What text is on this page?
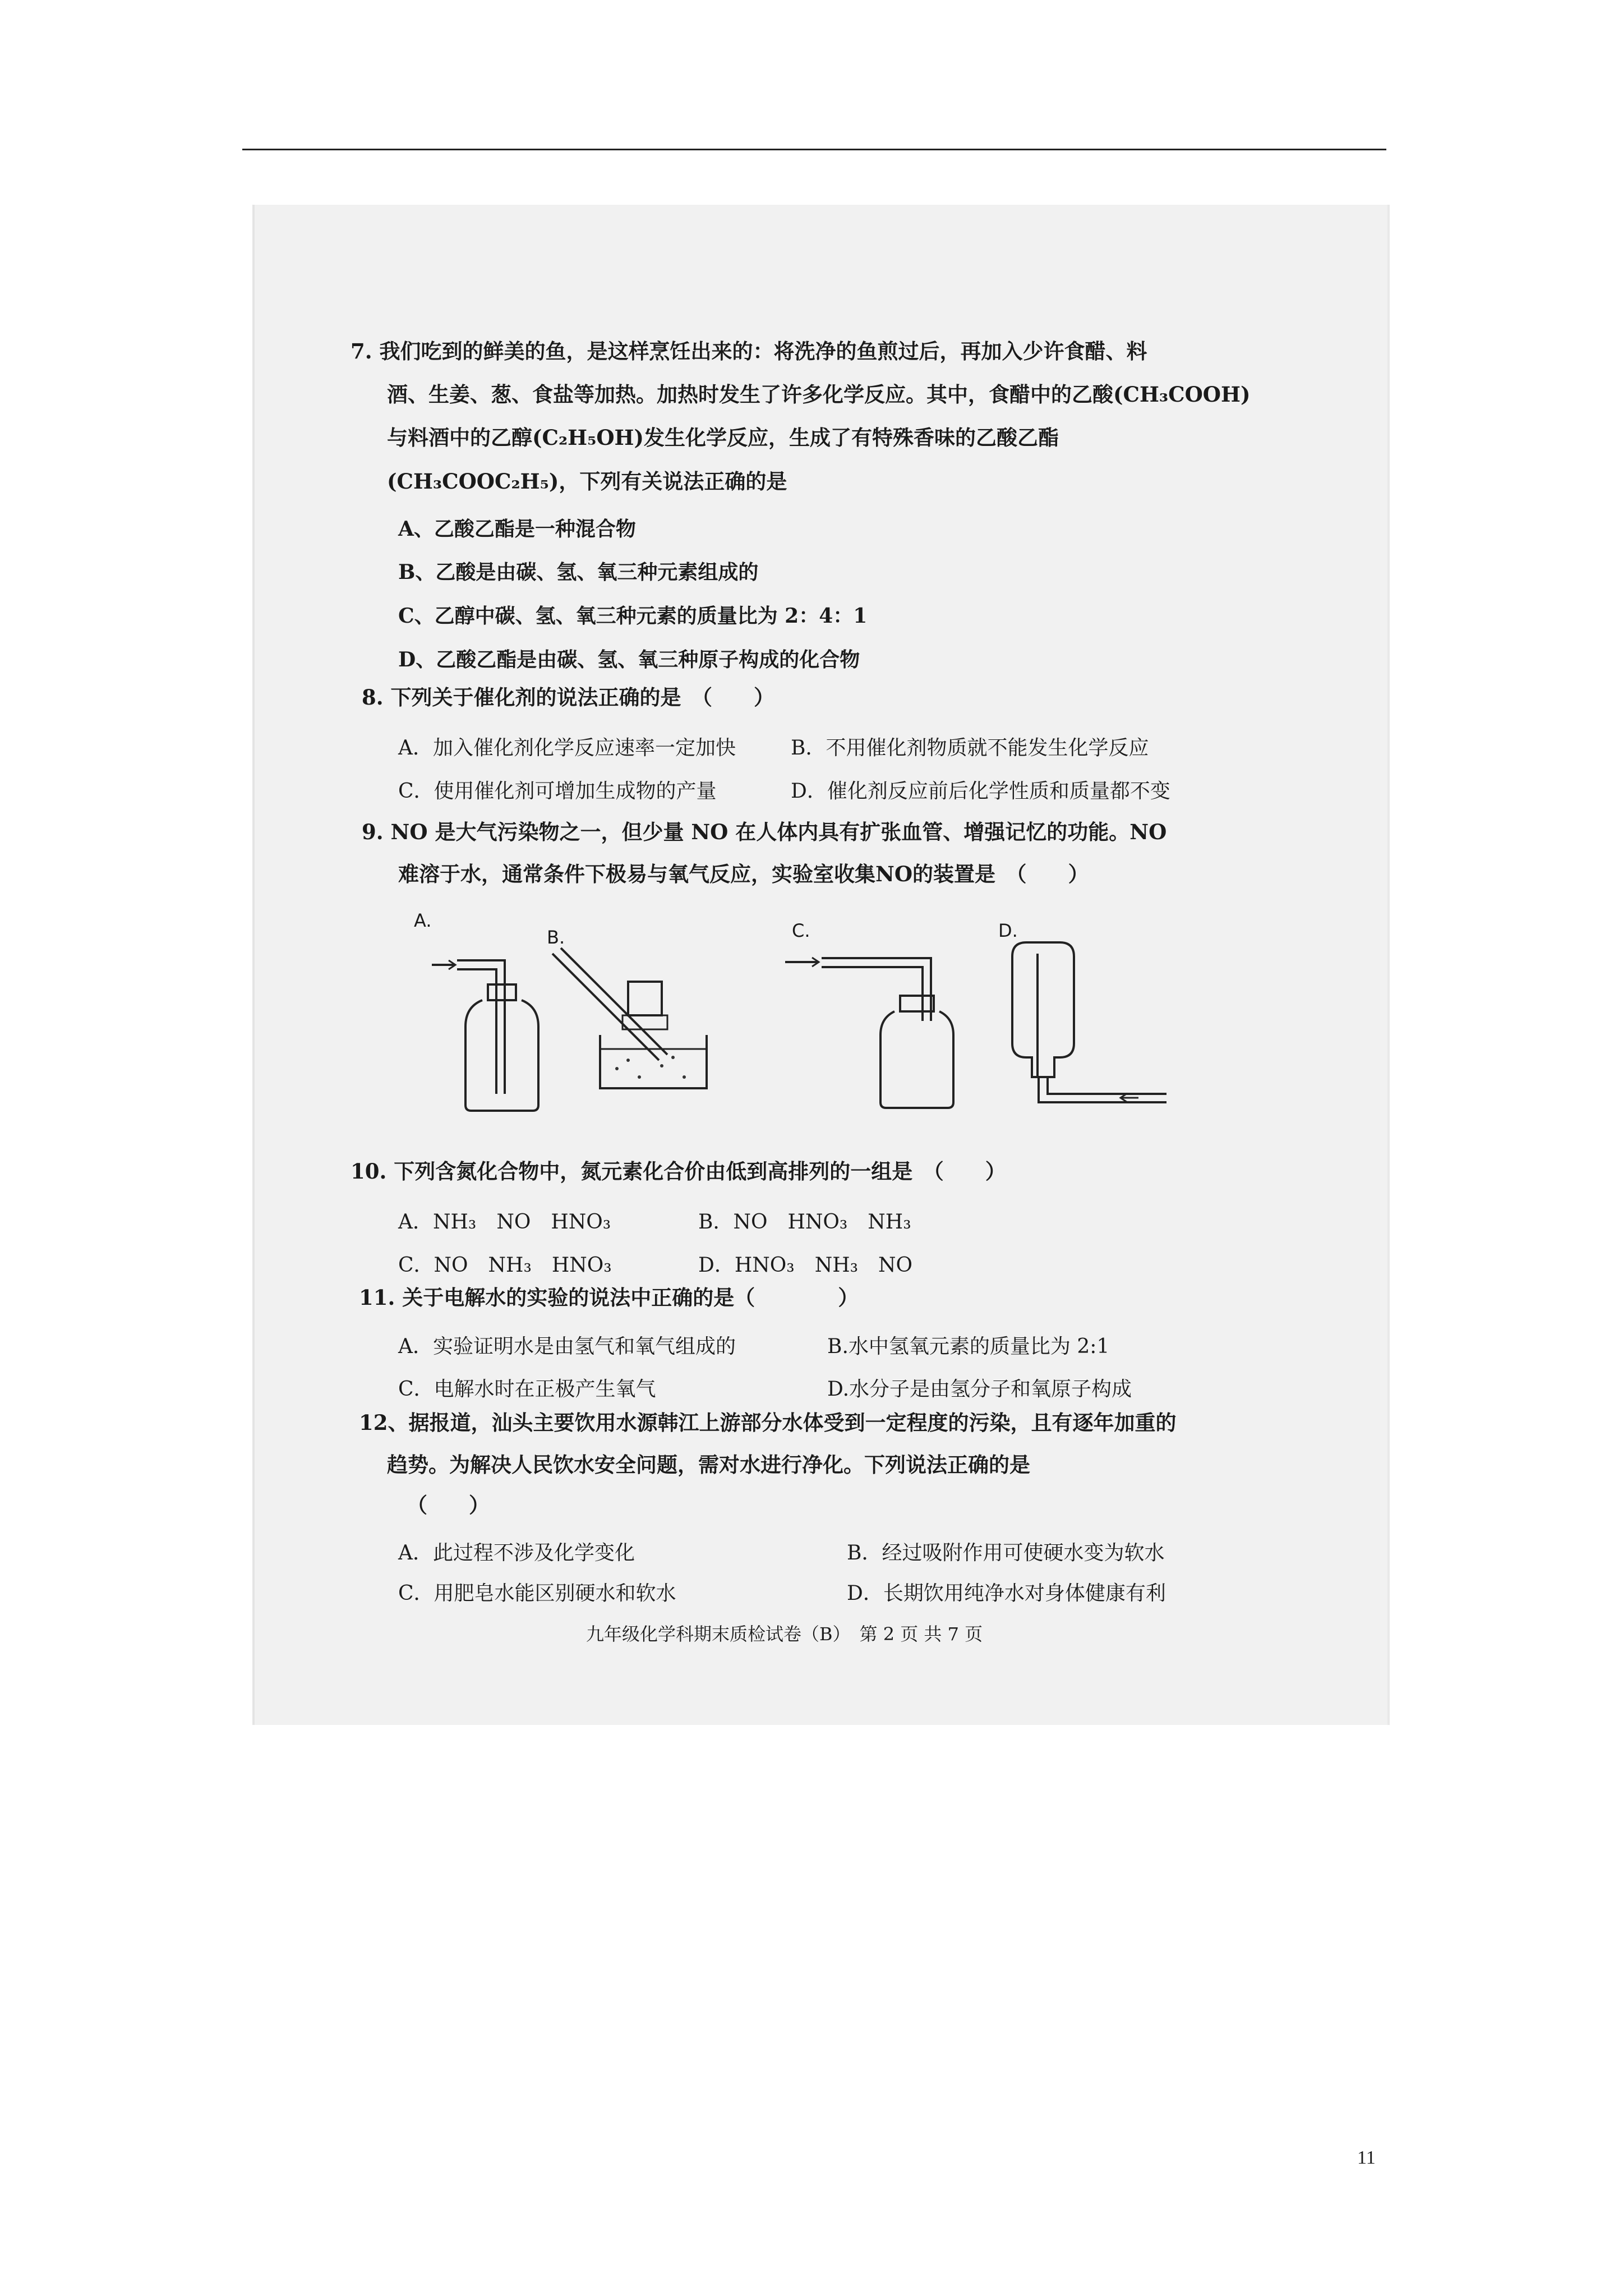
7. 我们吃到的鲜美的鱼，是这样烹饪出来的：将洗净的鱼煎过后，再加入少许食醋、料
酒、生姜、葱、食盐等加热。加热时发生了许多化学反应。其中，食醋中的乙酸(CH₃COOH)
与料酒中的乙醇(C₂H₅OH)发生化学反应，生成了有特殊香味的乙酸乙酯
(CH₃COOC₂H₅)，下列有关说法正确的是
A、乙酸乙酯是一种混合物
B、乙酸是由碳、氢、氧三种元素组成的
C、乙醇中碳、氢、氧三种元素的质量比为 2：4：1
D、乙酸乙酯是由碳、氢、氧三种原子构成的化合物
8. 下列关于催化剂的说法正确的是　（　　）
A．加入催化剂化学反应速率一定加快	B．不用催化剂物质就不能发生化学反应
C．使用催化剂可增加生成物的产量	D．催化剂反应前后化学性质和质量都不变
9. NO 是大气污染物之一，但少量 NO 在人体内具有扩张血管、增强记忆的功能。NO
难溶于水，通常条件下极易与氧气反应，实验室收集NO的装置是　（　　）
A.
B.	C.	D.
10. 下列含氮化合物中，氮元素化合价由低到高排列的一组是　（　　）
A．NH₃　NO　HNO₃	B．NO　HNO₃　NH₃
C．NO　NH₃　HNO₃	D．HNO₃　NH₃　NO
11. 关于电解水的实验的说法中正确的是（　　　　）
A．实验证明水是由氢气和氧气组成的	B.水中氢氧元素的质量比为 2:1
C．电解水时在正极产生氧气	D.水分子是由氢分子和氧原子构成
12、据报道，汕头主要饮用水源韩江上游部分水体受到一定程度的污染，且有逐年加重的
趋势。为解决人民饮水安全问题，需对水进行净化。下列说法正确的是
（　　）
A．此过程不涉及化学变化	B．经过吸附作用可使硬水变为软水
C．用肥皂水能区别硬水和软水	D．长期饮用纯净水对身体健康有利
九年级化学科期末质检试卷（B）　第 2 页 共 7 页
11
